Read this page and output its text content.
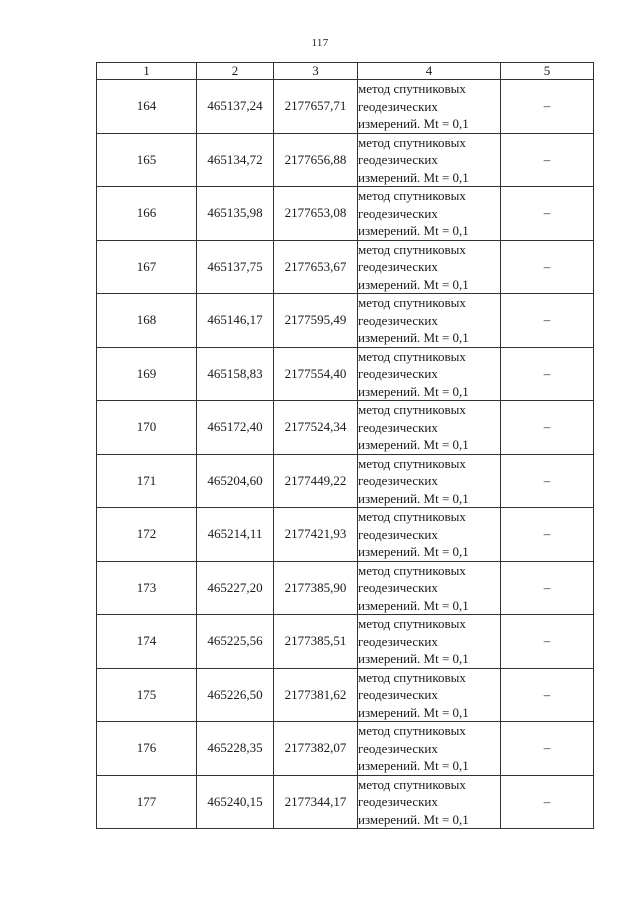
117
1	2	3	4	5
164	465137,24	2177657,71	метод спутниковых
геодезических
измерений. Mt = 0,1	–
165	465134,72	2177656,88	метод спутниковых
геодезических
измерений. Mt = 0,1	–
166	465135,98	2177653,08	метод спутниковых
геодезических
измерений. Mt = 0,1	–
167	465137,75	2177653,67	метод спутниковых
геодезических
измерений. Mt = 0,1	–
168	465146,17	2177595,49	метод спутниковых
геодезических
измерений. Mt = 0,1	–
169	465158,83	2177554,40	метод спутниковых
геодезических
измерений. Mt = 0,1	–
170	465172,40	2177524,34	метод спутниковых
геодезических
измерений. Mt = 0,1	–
171	465204,60	2177449,22	метод спутниковых
геодезических
измерений. Mt = 0,1	–
172	465214,11	2177421,93	метод спутниковых
геодезических
измерений. Mt = 0,1	–
173	465227,20	2177385,90	метод спутниковых
геодезических
измерений. Mt = 0,1	–
174	465225,56	2177385,51	метод спутниковых
геодезических
измерений. Mt = 0,1	–
175	465226,50	2177381,62	метод спутниковых
геодезических
измерений. Mt = 0,1	–
176	465228,35	2177382,07	метод спутниковых
геодезических
измерений. Mt = 0,1	–
177	465240,15	2177344,17	метод спутниковых
геодезических
измерений. Mt = 0,1	–
